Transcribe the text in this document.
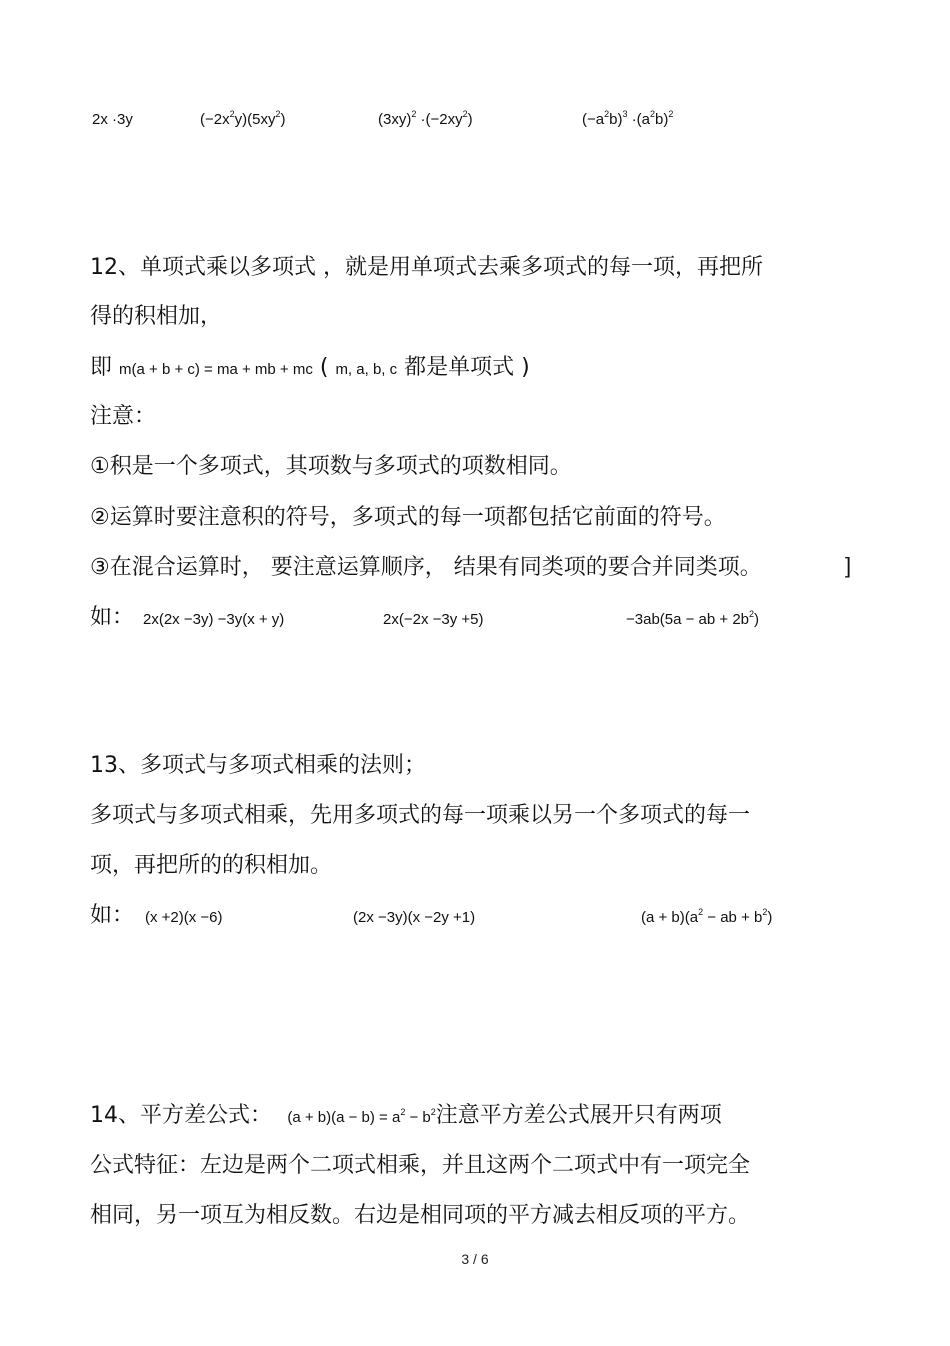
2x ·3y	$(-2x^2y)(5xy^2)$	$(3xy)^2 \cdot(-2xy^2)$	$(-a^2b)^3 \cdot(a^2b)^2$
12、单项式乘以多项式 ，就是用单项式去乘多项式的每一项，再把所
得的积相加，
即 m(a + b + c) = ma + mb + mc ( m, a, b, c 都是单项式 )
注意：
①积是一个多项式，其项数与多项式的项数相同。
②运算时要注意积的符号，多项式的每一项都包括它前面的符号。
③在混合运算时， 要注意运算顺序， 结果有同类项的要合并同类项。	]
如： 2x(2x −3y) −3y(x + y)	2x(−2x −3y +5)	−3ab(5a − ab + $2b^2$)
13、多项式与多项式相乘的法则；
多项式与多项式相乘，先用多项式的每一项乘以另一个多项式的每一
项，再把所的的积相加。
如： (x +2)(x −6)	(2x −3y)(x −2y +1)	$(a + b)(a^2$ − ab + $b^2$)
14、平方差公式：   $(a + b)(a - b) = a^2 - b^2$注意平方差公式展开只有两项
公式特征：左边是两个二项式相乘，并且这两个二项式中有一项完全
相同，另一项互为相反数。右边是相同项的平方减去相反项的平方。
3 / 6
